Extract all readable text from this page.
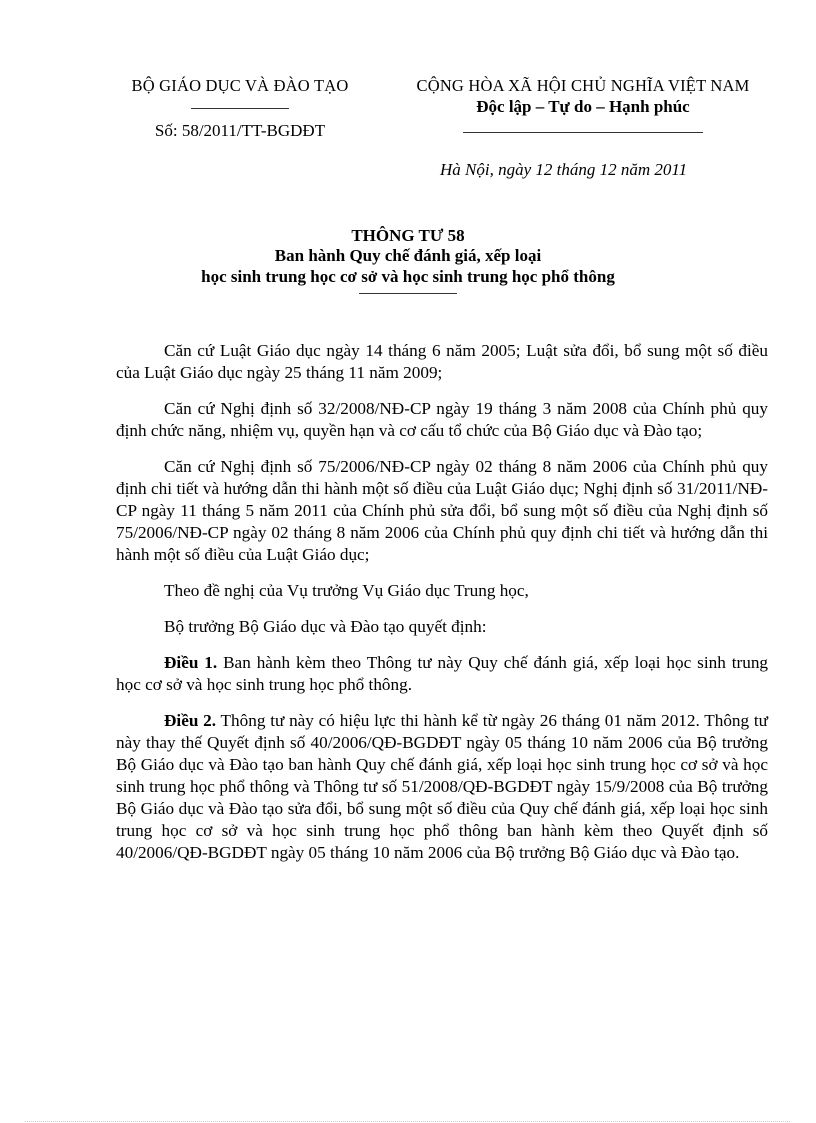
BỘ GIÁO DỤC VÀ ĐÀO TẠO
Số: 58/2011/TT-BGDĐT
CỘNG HÒA XÃ HỘI CHỦ NGHĨA VIỆT NAM
Độc lập – Tự do – Hạnh phúc
Hà Nội, ngày 12 tháng 12 năm 2011
THÔNG TƯ 58
Ban hành Quy chế đánh giá, xếp loại
học sinh trung học cơ sở và học sinh trung học phổ thông

Căn cứ Luật Giáo dục ngày 14 tháng 6 năm 2005; Luật sửa đổi, bổ sung một số điều của Luật Giáo dục ngày 25 tháng 11 năm 2009;

Căn cứ Nghị định số 32/2008/NĐ-CP ngày 19 tháng 3 năm 2008 của Chính phủ quy định chức năng, nhiệm vụ, quyền hạn và cơ cấu tổ chức của Bộ Giáo dục và Đào tạo;

Căn cứ Nghị định số 75/2006/NĐ-CP ngày 02 tháng 8 năm 2006 của Chính phủ quy định chi tiết và hướng dẫn thi hành một số điều của Luật Giáo dục; Nghị định số 31/2011/NĐ-CP ngày 11 tháng 5 năm 2011 của Chính phủ sửa đổi, bổ sung một số điều của Nghị định số 75/2006/NĐ-CP ngày 02 tháng 8 năm 2006 của Chính phủ quy định chi tiết và hướng dẫn thi hành một số điều của Luật Giáo dục;

Theo đề nghị của Vụ trưởng Vụ Giáo dục Trung học,

Bộ trưởng Bộ Giáo dục và Đào tạo quyết định:

Điều 1. Ban hành kèm theo Thông tư này Quy chế đánh giá, xếp loại học sinh trung học cơ sở và học sinh trung học phổ thông.

Điều 2. Thông tư này có hiệu lực thi hành kể từ ngày 26 tháng 01 năm 2012. Thông tư này thay thế Quyết định số 40/2006/QĐ-BGDĐT ngày 05 tháng 10 năm 2006 của Bộ trưởng Bộ Giáo dục và Đào tạo ban hành Quy chế đánh giá, xếp loại học sinh trung học cơ sở và học sinh trung học phổ thông và Thông tư số 51/2008/QĐ-BGDĐT ngày 15/9/2008 của Bộ trưởng Bộ Giáo dục và Đào tạo sửa đổi, bổ sung một số điều của Quy chế đánh giá, xếp loại học sinh trung học cơ sở và học sinh trung học phổ thông ban hành kèm theo Quyết định số 40/2006/QĐ-BGDĐT ngày 05 tháng 10 năm 2006 của Bộ trưởng Bộ Giáo dục và Đào tạo.
